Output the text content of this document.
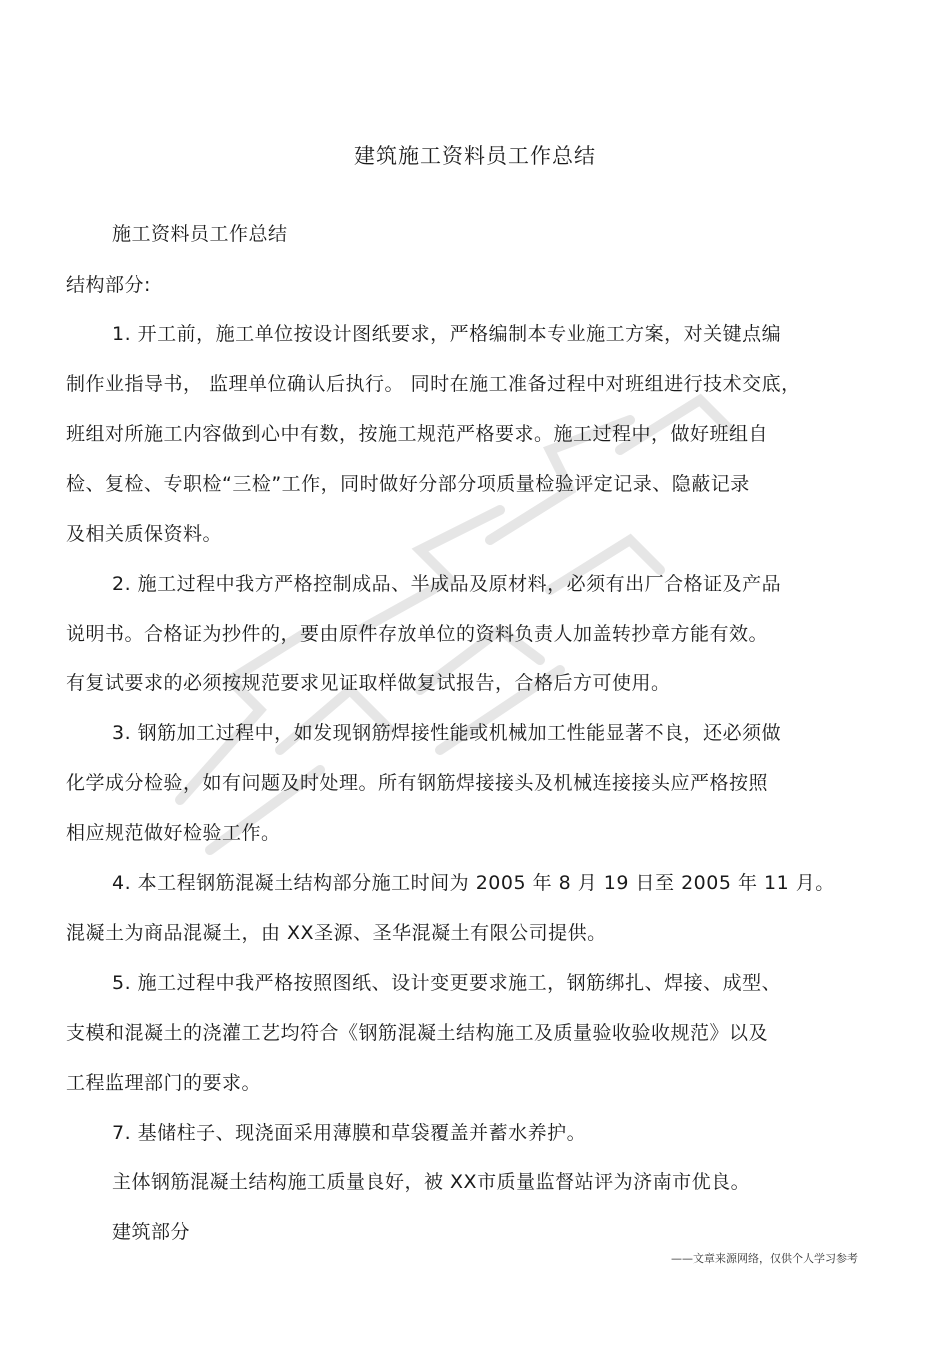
建筑施工资料员工作总结
施工资料员工作总结
结构部分:
1. 开工前，施工单位按设计图纸要求，严格编制本专业施工方案，对关键点编
制作业指导书， 监理单位确认后执行。 同时在施工准备过程中对班组进行技术交底，
班组对所施工内容做到心中有数，按施工规范严格要求。施工过程中，做好班组自
检、复检、专职检“三检”工作，同时做好分部分项质量检验评定记录、隐蔽记录
及相关质保资料。
2. 施工过程中我方严格控制成品、半成品及原材料，必须有出厂合格证及产品
说明书。合格证为抄件的，要由原件存放单位的资料负责人加盖转抄章方能有效。
有复试要求的必须按规范要求见证取样做复试报告，合格后方可使用。
3. 钢筋加工过程中，如发现钢筋焊接性能或机械加工性能显著不良，还必须做
化学成分检验，如有问题及时处理。所有钢筋焊接接头及机械连接接头应严格按照
相应规范做好检验工作。
4. 本工程钢筋混凝土结构部分施工时间为 2005 年 8 月 19 日至 2005 年 11 月。
混凝土为商品混凝土，由 XX圣源、圣华混凝土有限公司提供。
5. 施工过程中我严格按照图纸、设计变更要求施工，钢筋绑扎、焊接、成型、
支模和混凝土的浇灌工艺均符合《钢筋混凝土结构施工及质量验收验收规范》以及
工程监理部门的要求。
7. 基储柱子、现浇面采用薄膜和草袋覆盖并蓄水养护。
主体钢筋混凝土结构施工质量良好，被 XX市质量监督站评为济南市优良。
建筑部分
——文章来源网络，仅供个人学习参考
